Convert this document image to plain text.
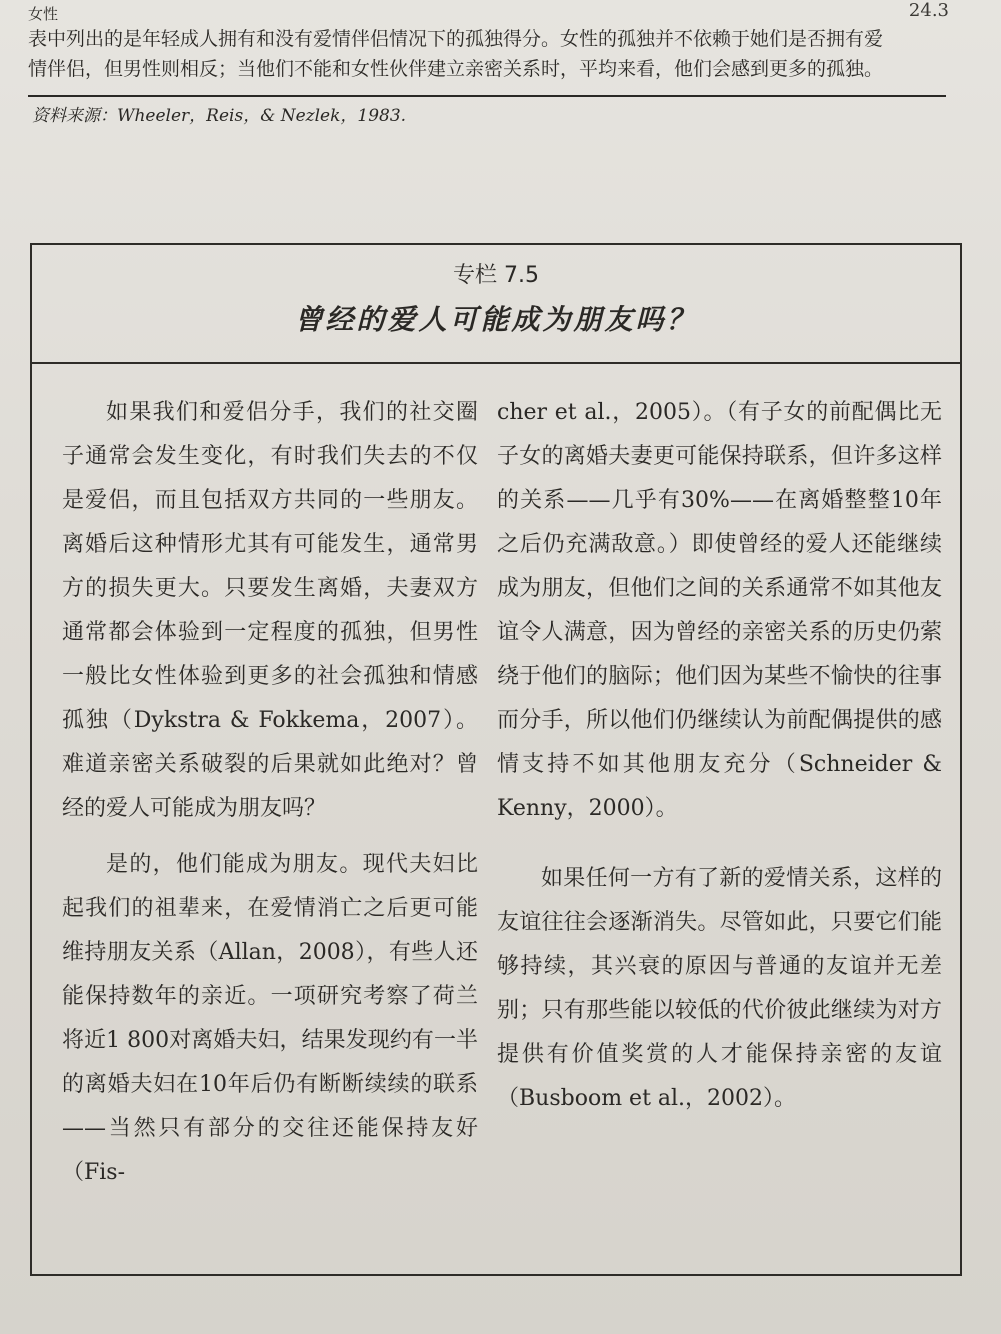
24.3
女性
表中列出的是年轻成人拥有和没有爱情伴侣情况下的孤独得分。女性的孤独并不依赖于她们是否拥有爱
情伴侣，但男性则相反；当他们不能和女性伙伴建立亲密关系时，平均来看，他们会感到更多的孤独。
资料来源：Wheeler，Reis，& Nezlek，1983.
专栏 7.5
曾经的爱人可能成为朋友吗？

如果我们和爱侣分手，我们的社交圈子通常会发生变化，有时我们失去的不仅是爱侣，而且包括双方共同的一些朋友。离婚后这种情形尤其有可能发生，通常男方的损失更大。只要发生离婚，夫妻双方通常都会体验到一定程度的孤独，但男性一般比女性体验到更多的社会孤独和情感孤独（Dykstra & Fokkema，2007）。难道亲密关系破裂的后果就如此绝对？曾经的爱人可能成为朋友吗？

是的，他们能成为朋友。现代夫妇比起我们的祖辈来，在爱情消亡之后更可能维持朋友关系（Allan，2008），有些人还能保持数年的亲近。一项研究考察了荷兰将近1 800对离婚夫妇，结果发现约有一半的离婚夫妇在10年后仍有断断续续的联系——当然只有部分的交往还能保持友好（Fis-

cher et al.，2005）。（有子女的前配偶比无子女的离婚夫妻更可能保持联系，但许多这样的关系——几乎有30%——在离婚整整10年之后仍充满敌意。）即使曾经的爱人还能继续成为朋友，但他们之间的关系通常不如其他友谊令人满意，因为曾经的亲密关系的历史仍萦绕于他们的脑际；他们因为某些不愉快的往事而分手，所以他们仍继续认为前配偶提供的感情支持不如其他朋友充分（Schneider & Kenny，2000）。

如果任何一方有了新的爱情关系，这样的友谊往往会逐渐消失。尽管如此，只要它们能够持续，其兴衰的原因与普通的友谊并无差别；只有那些能以较低的代价彼此继续为对方提供有价值奖赏的人才能保持亲密的友谊（Busboom et al.，2002）。
